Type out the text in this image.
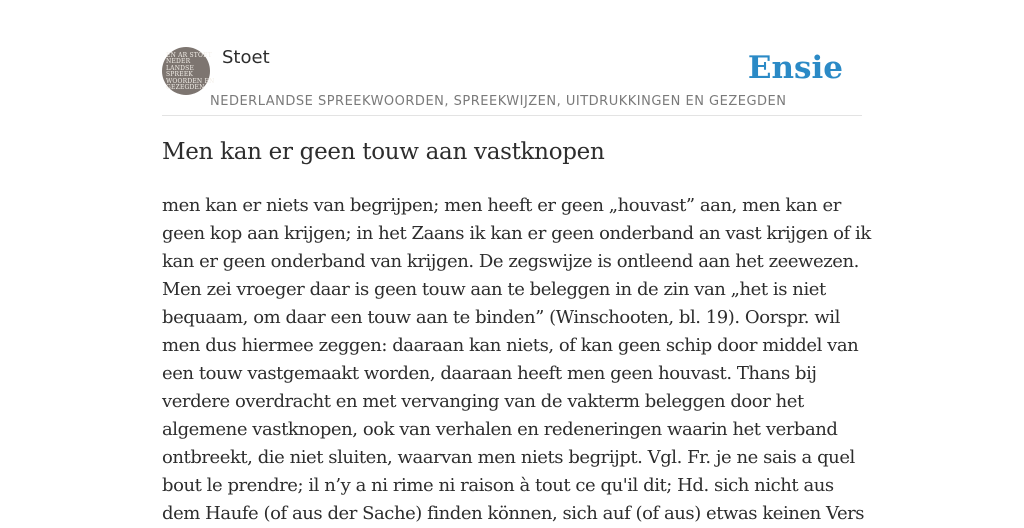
EN AR STOET
NEDER
LANDSE
SPREEK
WOORDEN EN
GEZEGDEN
Stoet
NEDERLANDSE SPREEKWOORDEN, SPREEKWIJZEN, UITDRUKKINGEN EN GEZEGDEN
Ensie
Men kan er geen touw aan vastknopen
men kan er niets van begrijpen; men heeft er geen „houvast” aan, men kan er
geen kop aan krijgen; in het Zaans ik kan er geen onderband an vast krijgen of ik
kan er geen onderband van krijgen. De zegswijze is ontleend aan het zeewezen.
Men zei vroeger daar is geen touw aan te beleggen in de zin van „het is niet
bequaam, om daar een touw aan te binden” (Winschooten, bl. 19). Oorspr. wil
men dus hiermee zeggen: daaraan kan niets, of kan geen schip door middel van
een touw vastgemaakt worden, daaraan heeft men geen houvast. Thans bij
verdere overdracht en met vervanging van de vakterm beleggen door het
algemene vastknopen, ook van verhalen en redeneringen waarin het verband
ontbreekt, die niet sluiten, waarvan men niets begrijpt. Vgl. Fr. je ne sais a quel
bout le prendre; il n’y a ni rime ni raison à tout ce qu'il dit; Hd. sich nicht aus
dem Haufe (of aus der Sache) finden können, sich auf (of aus) etwas keinen Vers
